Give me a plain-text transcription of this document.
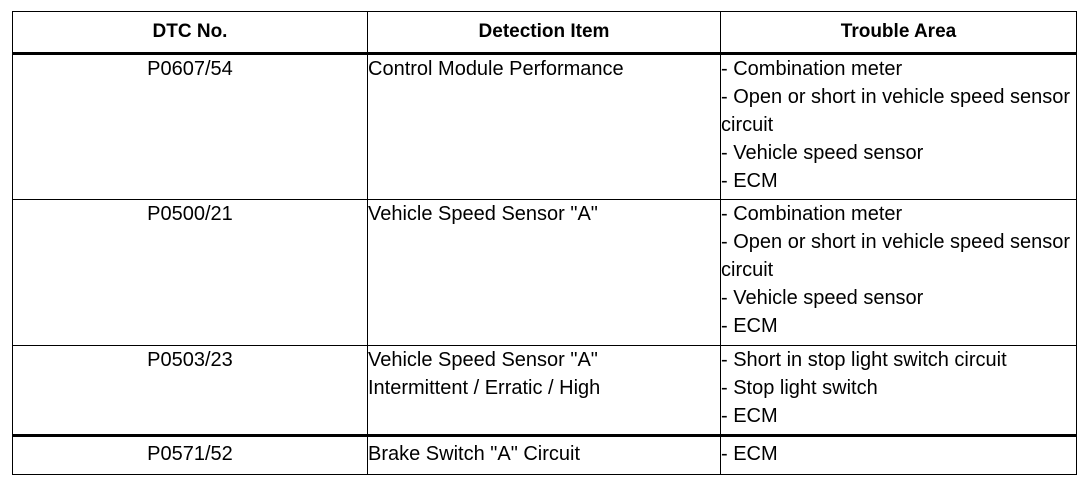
DTC No.	Detection Item	Trouble Area
P0607/54	Control Module Performance	- Combination meter
- Open or short in vehicle speed sensor circuit
- Vehicle speed sensor
- ECM

P0500/21	Vehicle Speed Sensor "A"	- Combination meter
- Open or short in vehicle speed sensor circuit
- Vehicle speed sensor
- ECM

P0503/23	Vehicle Speed Sensor "A"
Intermittent / Erratic / High	- Short in stop light switch circuit
- Stop light switch
- ECM

P0571/52	Brake Switch "A" Circuit	- ECM
